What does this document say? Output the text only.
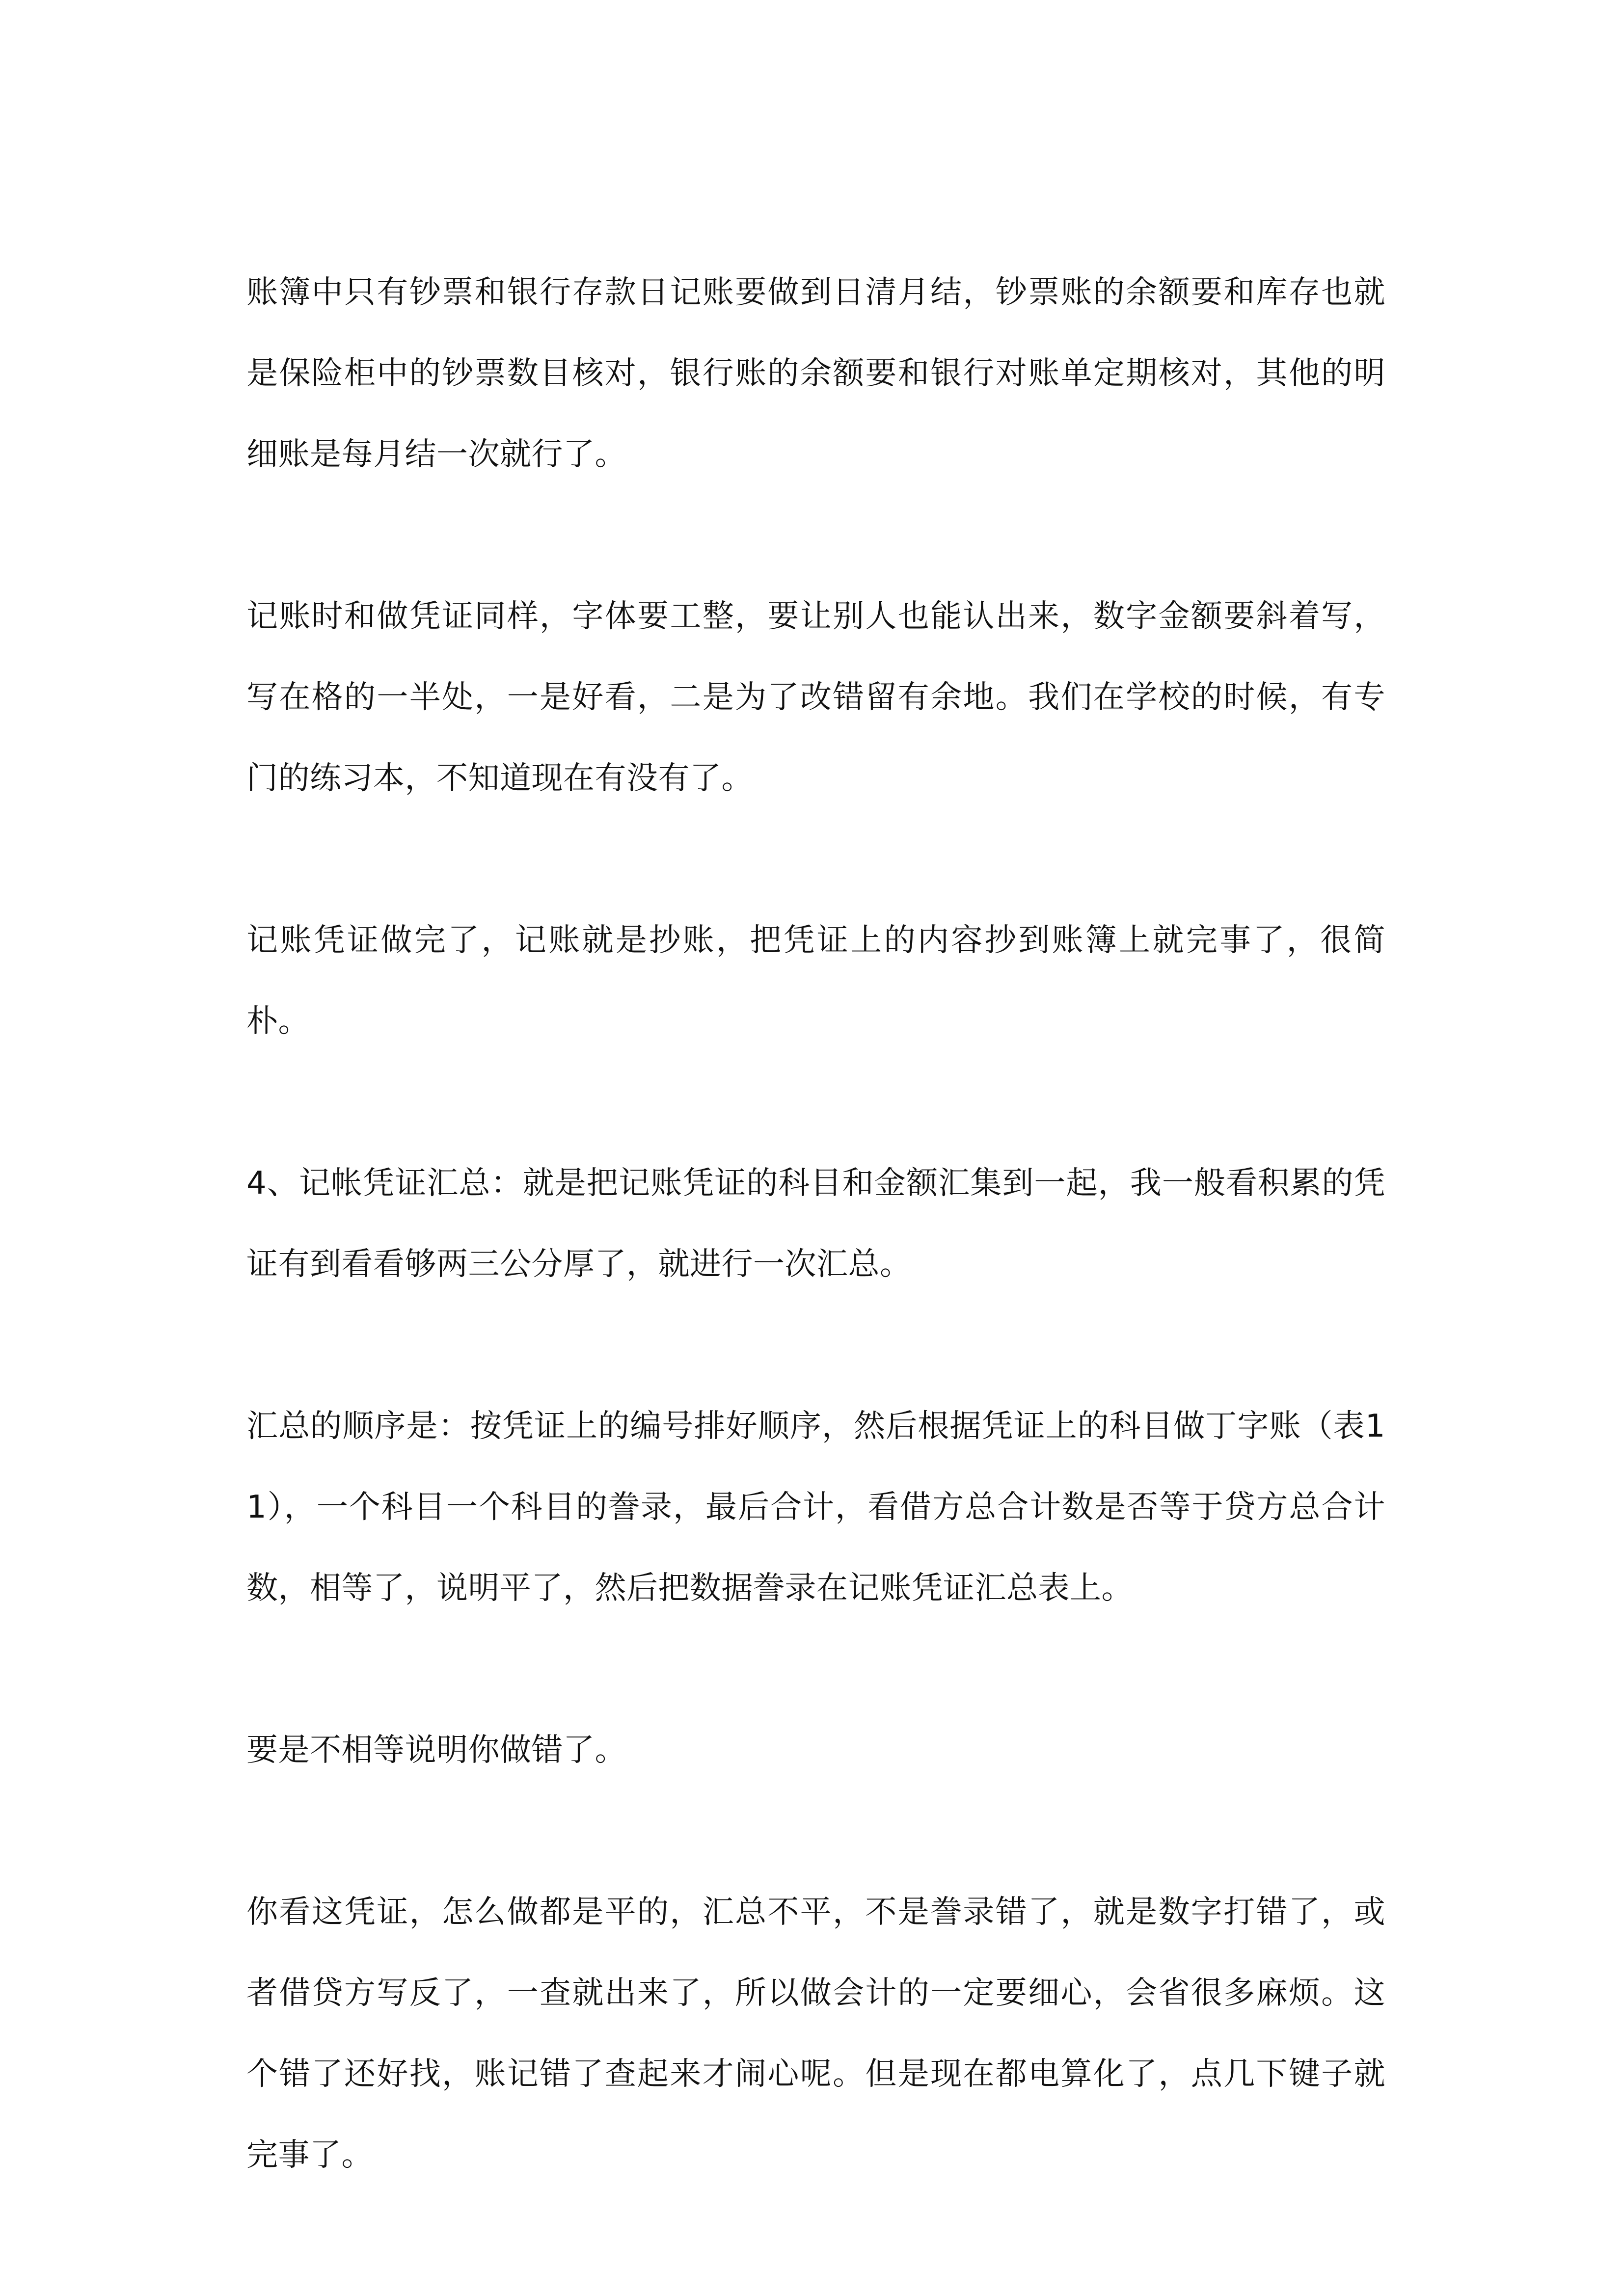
账簿中只有钞票和银行存款日记账要做到日清月结，钞票账的余额要和库存也就是保险柜中的钞票数目核对，银行账的余额要和银行对账单定期核对，其他的明细账是每月结一次就行了。

记账时和做凭证同样，字体要工整，要让别人也能认出来，数字金额要斜着写，写在格的一半处，一是好看，二是为了改错留有余地。我们在学校的时候，有专门的练习本，不知道现在有没有了。

记账凭证做完了，记账就是抄账，把凭证上的内容抄到账簿上就完事了，很简朴。

4、记帐凭证汇总：就是把记账凭证的科目和金额汇集到一起，我一般看积累的凭证有到看看够两三公分厚了，就进行一次汇总。

汇总的顺序是：按凭证上的编号排好顺序，然后根据凭证上的科目做丁字账（表11），一个科目一个科目的誊录，最后合计，看借方总合计数是否等于贷方总合计数，相等了，说明平了，然后把数据誊录在记账凭证汇总表上。

要是不相等说明你做错了。

你看这凭证，怎么做都是平的，汇总不平，不是誊录错了，就是数字打错了，或者借贷方写反了，一查就出来了，所以做会计的一定要细心，会省很多麻烦。这个错了还好找，账记错了查起来才闹心呢。但是现在都电算化了，点几下键子就完事了。
